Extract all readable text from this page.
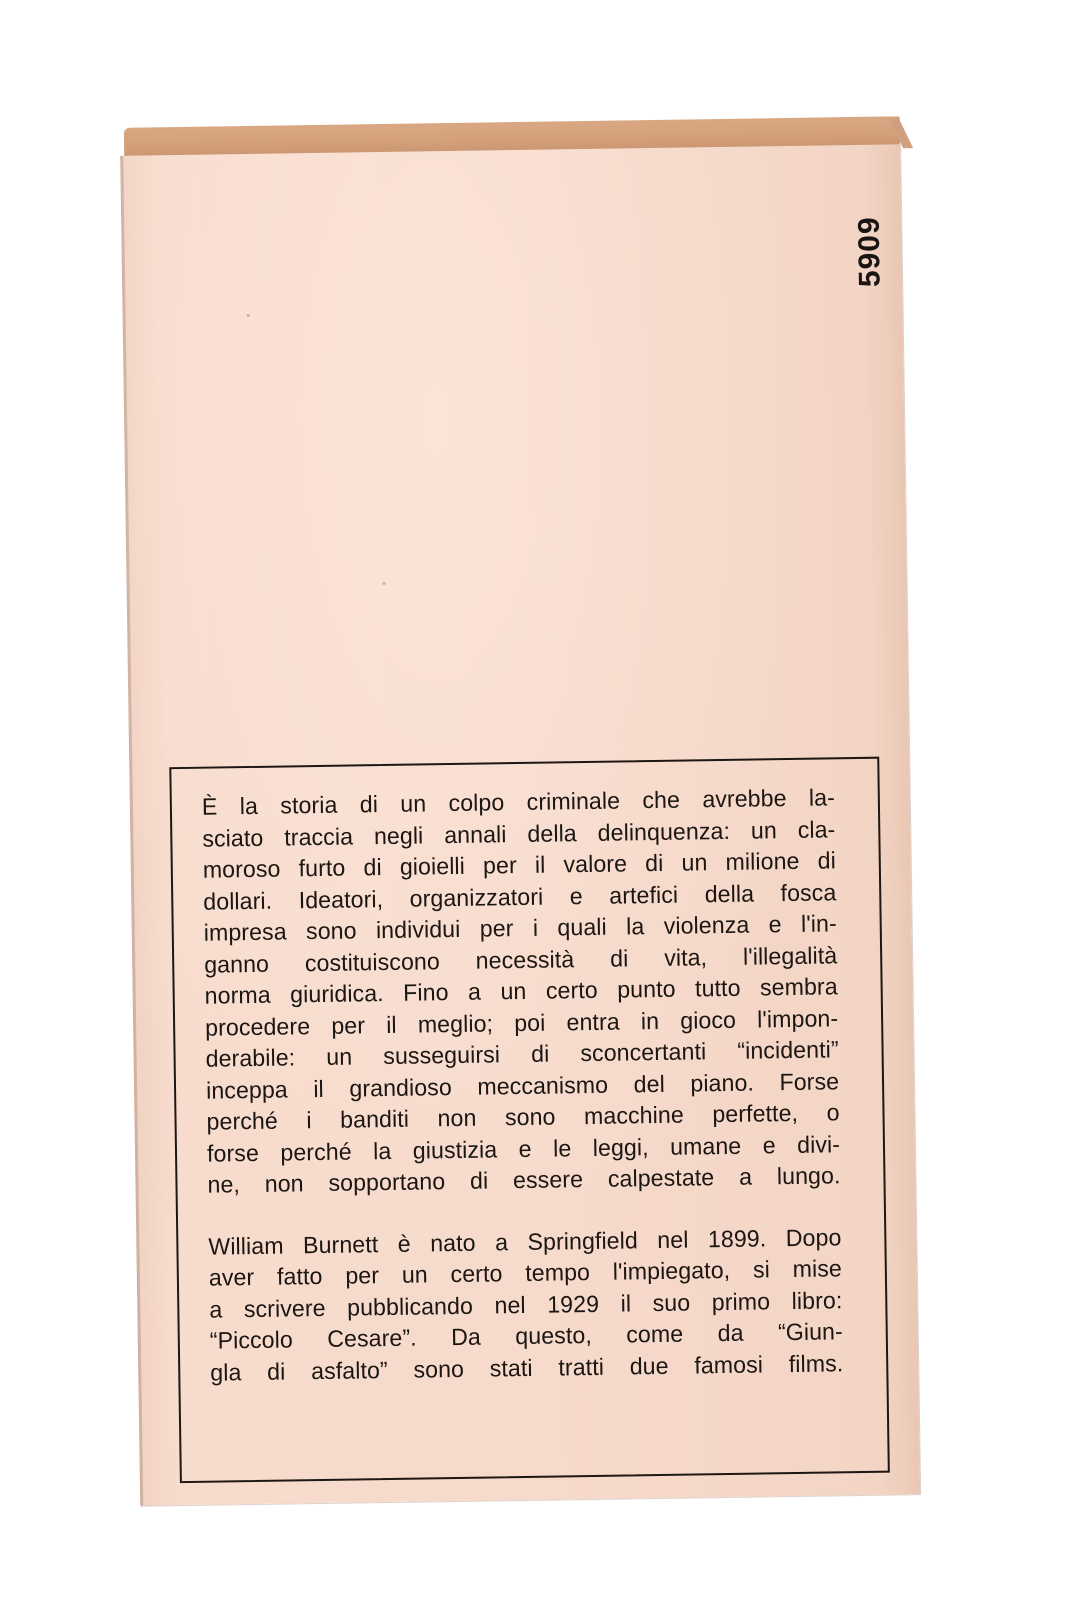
5909

È la storia di un colpo criminale che avrebbe la-
sciato traccia negli annali della delinquenza: un cla-
moroso furto di gioielli per il valore di un milione di
dollari. Ideatori, organizzatori e artefici della fosca
impresa sono individui per i quali la violenza e l'in-
ganno costituiscono necessità di vita, l'illegalità
norma giuridica. Fino a un certo punto tutto sembra
procedere per il meglio; poi entra in gioco l'impon-
derabile: un susseguirsi di sconcertanti “incidenti”
inceppa il grandioso meccanismo del piano. Forse
perché i banditi non sono macchine perfette, o
forse perché la giustizia e le leggi, umane e divi-
ne, non sopportano di essere calpestate a lungo.

William Burnett è nato a Springfield nel 1899. Dopo
aver fatto per un certo tempo l'impiegato, si mise
a scrivere pubblicando nel 1929 il suo primo libro:
“Piccolo Cesare”. Da questo, come da “Giun-
gla di asfalto” sono stati tratti due famosi films.
